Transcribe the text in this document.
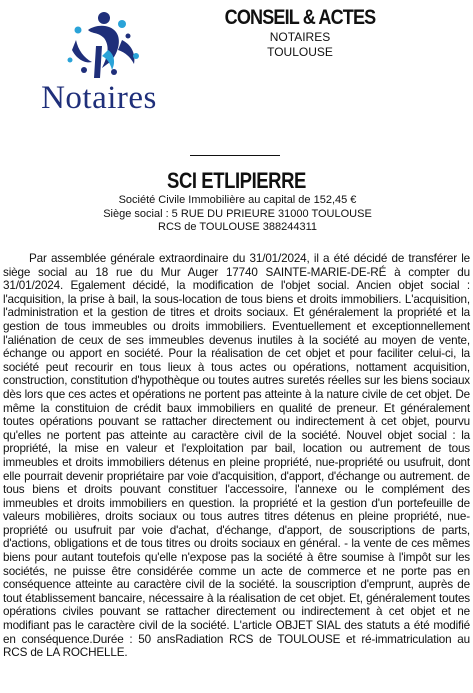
Notaires
CONSEIL & ACTES
NOTAIRES
TOULOUSE
SCI ETLIPIERRE
Société Civile Immobilière au capital de 152,45 €
Siège social : 5 RUE DU PRIEURE 31000 TOULOUSE
RCS de TOULOUSE 388244311

Par assemblée générale extraordinaire du 31/01/2024, il a été décidé de transférer le siège social au 18 rue du Mur Auger 17740 SAINTE-MARIE-DE-RÉ à compter du 31/01/2024. Egalement décidé, la modification de l'objet social. Ancien objet social : l'acquisition, la prise à bail, la sous-location de tous biens et droits immobiliers. L'acquisition, l'administration et la gestion de titres et droits sociaux. Et généralement la propriété et la gestion de tous immeubles ou droits immobiliers. Eventuellement et exceptionnellement l'aliénation de ceux de ses immeubles devenus inutiles à la société au moyen de vente, échange ou apport en société. Pour la réalisation de cet objet et pour faciliter celui-ci, la société peut recourir en tous lieux à tous actes ou opérations, nottament acquisition, construction, constitution d'hypothèque ou toutes autres suretés réelles sur les biens sociaux dès lors que ces actes et opérations ne portent pas atteinte à la nature civile de cet objet. De même la constituion de crédit baux immobiliers en qualité de preneur. Et généralement toutes opérations pouvant se rattacher directement ou indirectement à cet objet, pourvu qu'elles ne portent pas atteinte au caractère civil de la société. Nouvel objet social : la propriété, la mise en valeur et l'exploitation par bail, location ou autrement de tous immeubles et droits immobiliers détenus en pleine propriété, nue-propriété ou usufruit, dont elle pourrait devenir propriétaire par voie d'acquisition, d'apport, d'échange ou autrement. de tous biens et droits pouvant constituer l'accessoire, l'annexe ou le complément des immeubles et droits immobiliers en question. la propriété et la gestion d'un portefeuille de valeurs mobilières, droits sociaux ou tous autres titres détenus en pleine propriété, nue-propriété ou usufruit par voie d'achat, d'échange, d'apport, de souscriptions de parts, d'actions, obligations et de tous titres ou droits sociaux en général. - la vente de ces mêmes biens pour autant toutefois qu'elle n'expose pas la société à être soumise à l'impôt sur les sociétés, ne puisse être considérée comme un acte de commerce et ne porte pas en conséquence atteinte au caractère civil de la société. la souscription d'emprunt, auprès de tout établissement bancaire, nécessaire à la réalisation de cet objet. Et, généralement toutes opérations civiles pouvant se rattacher directement ou indirectement à cet objet et ne modifiant pas le caractère civil de la société. L'article OBJET SIAL des statuts a été modifié en conséquence.Durée : 50 ansRadiation RCS de TOULOUSE et ré-immatriculation au RCS de LA ROCHELLE.
